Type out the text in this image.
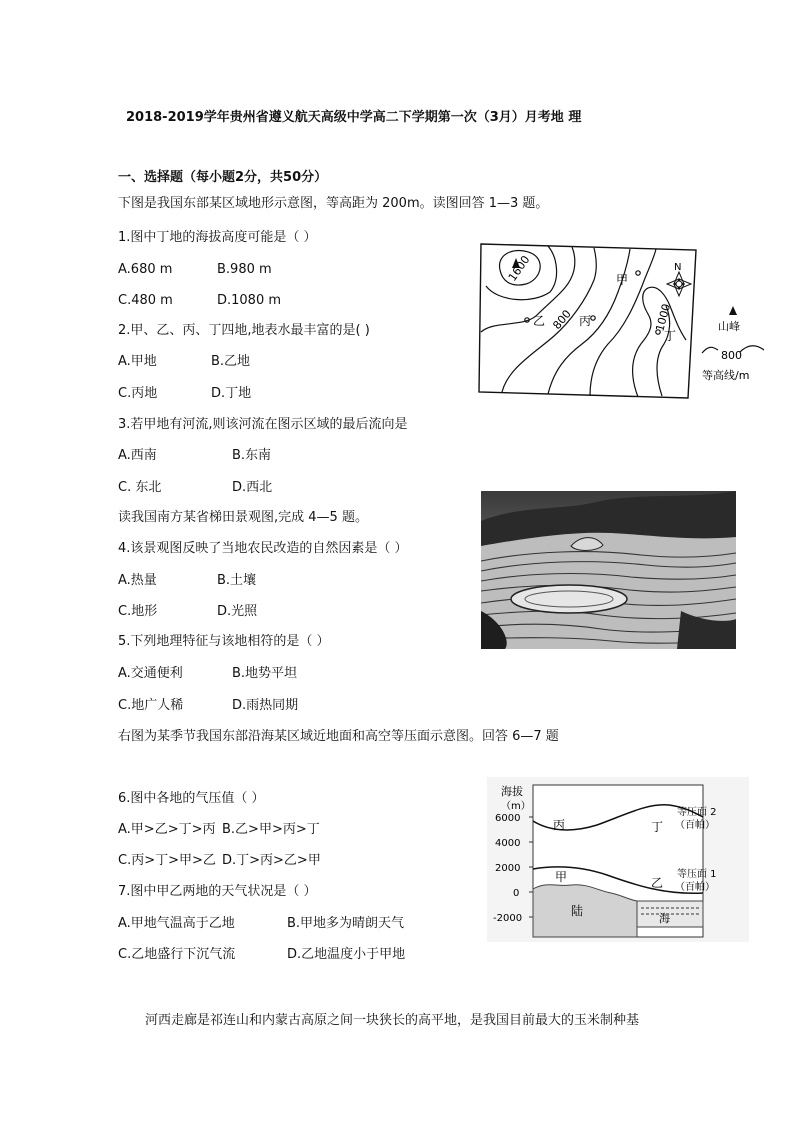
2018-2019学年贵州省遵义航天高级中学高二下学期第一次（3月）月考地 理
一、选择题（每小题2分，共50分）
下图是我国东部某区域地形示意图，等高距为 200m。读图回答 1—3 题。
1.图中丁地的海拔高度可能是（ ）
A.680 m	B.980 m
C.480 m	D.1080 m
2.甲、乙、丙、丁四地,地表水最丰富的是( )
A.甲地	B.乙地
C.丙地	D.丁地
3.若甲地有河流,则该河流在图示区域的最后流向是
A.西南	B.东南
C. 东北	D.西北
读我国南方某省梯田景观图,完成 4—5 题。
4.该景观图反映了当地农民改造的自然因素是（ ）
A.热量	B.土壤
C.地形	D.光照
5.下列地理特征与该地相符的是（ ）
A.交通便利	B.地势平坦
C.地广人稀	D.雨热同期
右图为某季节我国东部沿海某区域近地面和高空等压面示意图。回答 6—7 题
6.图中各地的气压值（ ）
A.甲>乙>丁>丙 B.乙>甲>丙>丁
C.丙>丁>甲>乙 D.丁>丙>乙>甲
7.图中甲乙两地的天气状况是（ ）
A.甲地气温高于乙地	B.甲地多为晴朗天气
C.乙地盛行下沉气流	D.乙地温度小于甲地
河西走廊是祁连山和内蒙古高原之间一块狭长的高平地，是我国目前最大的玉米制种基
1600
800	1000
甲
乙	丙
丁
N
山峰
800
等高线/m
海拔
（m）
6000
4000
2000
0
-2000
丙	丁
甲	乙
陆
海
等压面 2
（百帕）
等压面 1
（百帕）
